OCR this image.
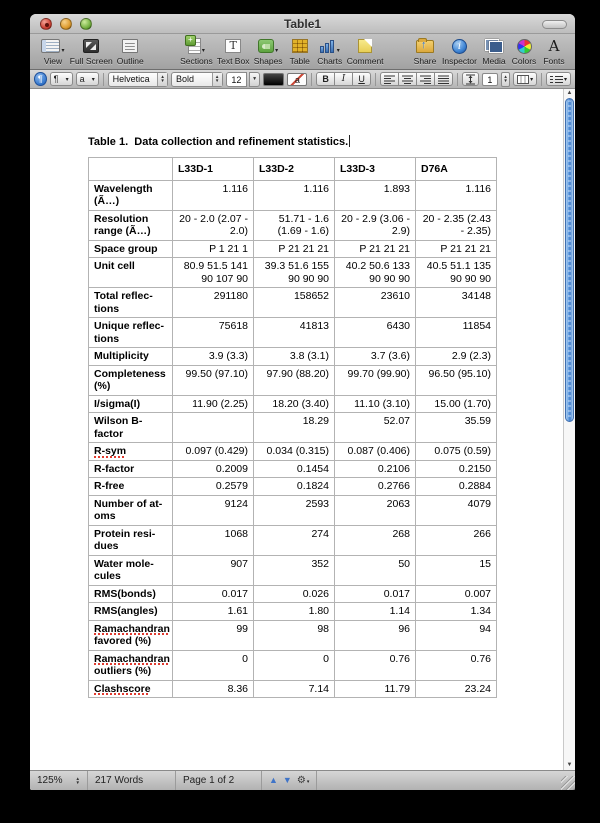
Table1
▾
View Full Screen Outline
+
▾
Sections
T
Text Box
▾
Shapes Table
▾
Charts Comment
↑	Share
i
Inspector Media Colors
A
Fonts
¶	¶ ▾ a ▾	Helvetica	▲
▼	Bold	▲
▼	12	▼	a	B	I	U	1	▲
▼	▾	▾
Table 1.  Data collection and refinement statistics.
	L33D-1	L33D-2	L33D-3	D76A

Wavelength
(Ã…)	1.116	1.116	1.893	1.116

Resolution
range (Ã…)	20 - 2.0 (2.07 - 2.0)	51.71 - 1.6 (1.69 - 1.6)	20 - 2.9 (3.06 - 2.9)	20 - 2.35 (2.43 - 2.35)

Space group	P 1 21 1	P 21 21 21	P 21 21 21	P 21 21 21

Unit cell	80.9 51.5 141 90 107 90	39.3 51.6 155 90 90 90	40.2 50.6 133 90 90 90	40.5 51.1 135 90 90 90

Total reflec-
tions	291180	158652	23610	34148

Unique reflec-
tions	75618	41813	6430	11854

Multiplicity	3.9 (3.3)	3.8 (3.1)	3.7 (3.6)	2.9 (2.3)

Completeness
(%)	99.50 (97.10)	97.90 (88.20)	99.70 (99.90)	96.50 (95.10)

I/sigma(I)	11.90 (2.25)	18.20 (3.40)	11.10 (3.10)	15.00 (1.70)

Wilson B-
factor		18.29	52.07	35.59

R-sym	0.097 (0.429)	0.034 (0.315)	0.087 (0.406)	0.075 (0.59)

R-factor	0.2009	0.1454	0.2106	0.2150

R-free	0.2579	0.1824	0.2766	0.2884

Number of at-
oms	9124	2593	2063	4079

Protein resi-
dues	1068	274	268	266

Water mole-
cules	907	352	50	15

RMS(bonds)	0.017	0.026	0.017	0.007

RMS(angles)	1.61	1.80	1.14	1.34

Ramachandran
favored (%)	99	98	96	94

Ramachandran
outliers (%)	0	0	0.76	0.76

Clashscore	8.36	7.14	11.79	23.24
▲
▼
125%	▲
▼ 217 Words	Page 1 of 2	▲ ▼ ⚙▾
